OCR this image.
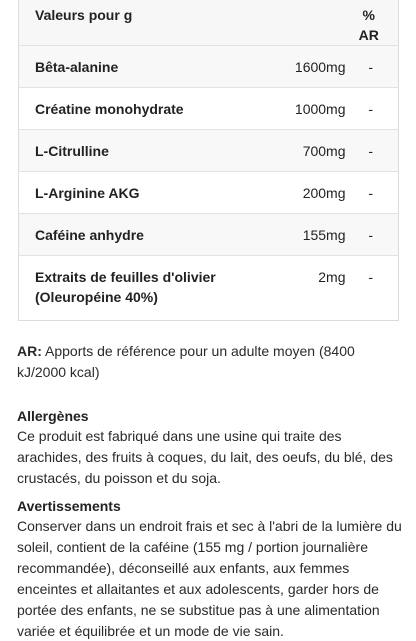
Valeurs pour g		%
AR

Bêta-alanine	1600mg	-
Créatine monohydrate	1000mg	-
L-Citrulline	700mg	-
L-Arginine AKG	200mg	-
Caféine anhydre	155mg	-
Extraits de feuilles d'olivier (Oleuropéine 40%)	2mg	-

AR: Apports de référence pour un adulte moyen (8400 kJ/2000 kcal)

Allergènes
Ce produit est fabriqué dans une usine qui traite des arachides, des fruits à coques, du lait, des oeufs, du blé, des crustacés, du poisson et du soja.
Avertissements
Conserver dans un endroit frais et sec à l'abri de la lumière du soleil, contient de la caféine (155 mg / portion journalière recommandée), déconseillé aux enfants, aux femmes enceintes et allaitantes et aux adolescents, garder hors de portée des enfants, ne se substitue pas à une alimentation variée et équilibrée et un mode de vie sain.
